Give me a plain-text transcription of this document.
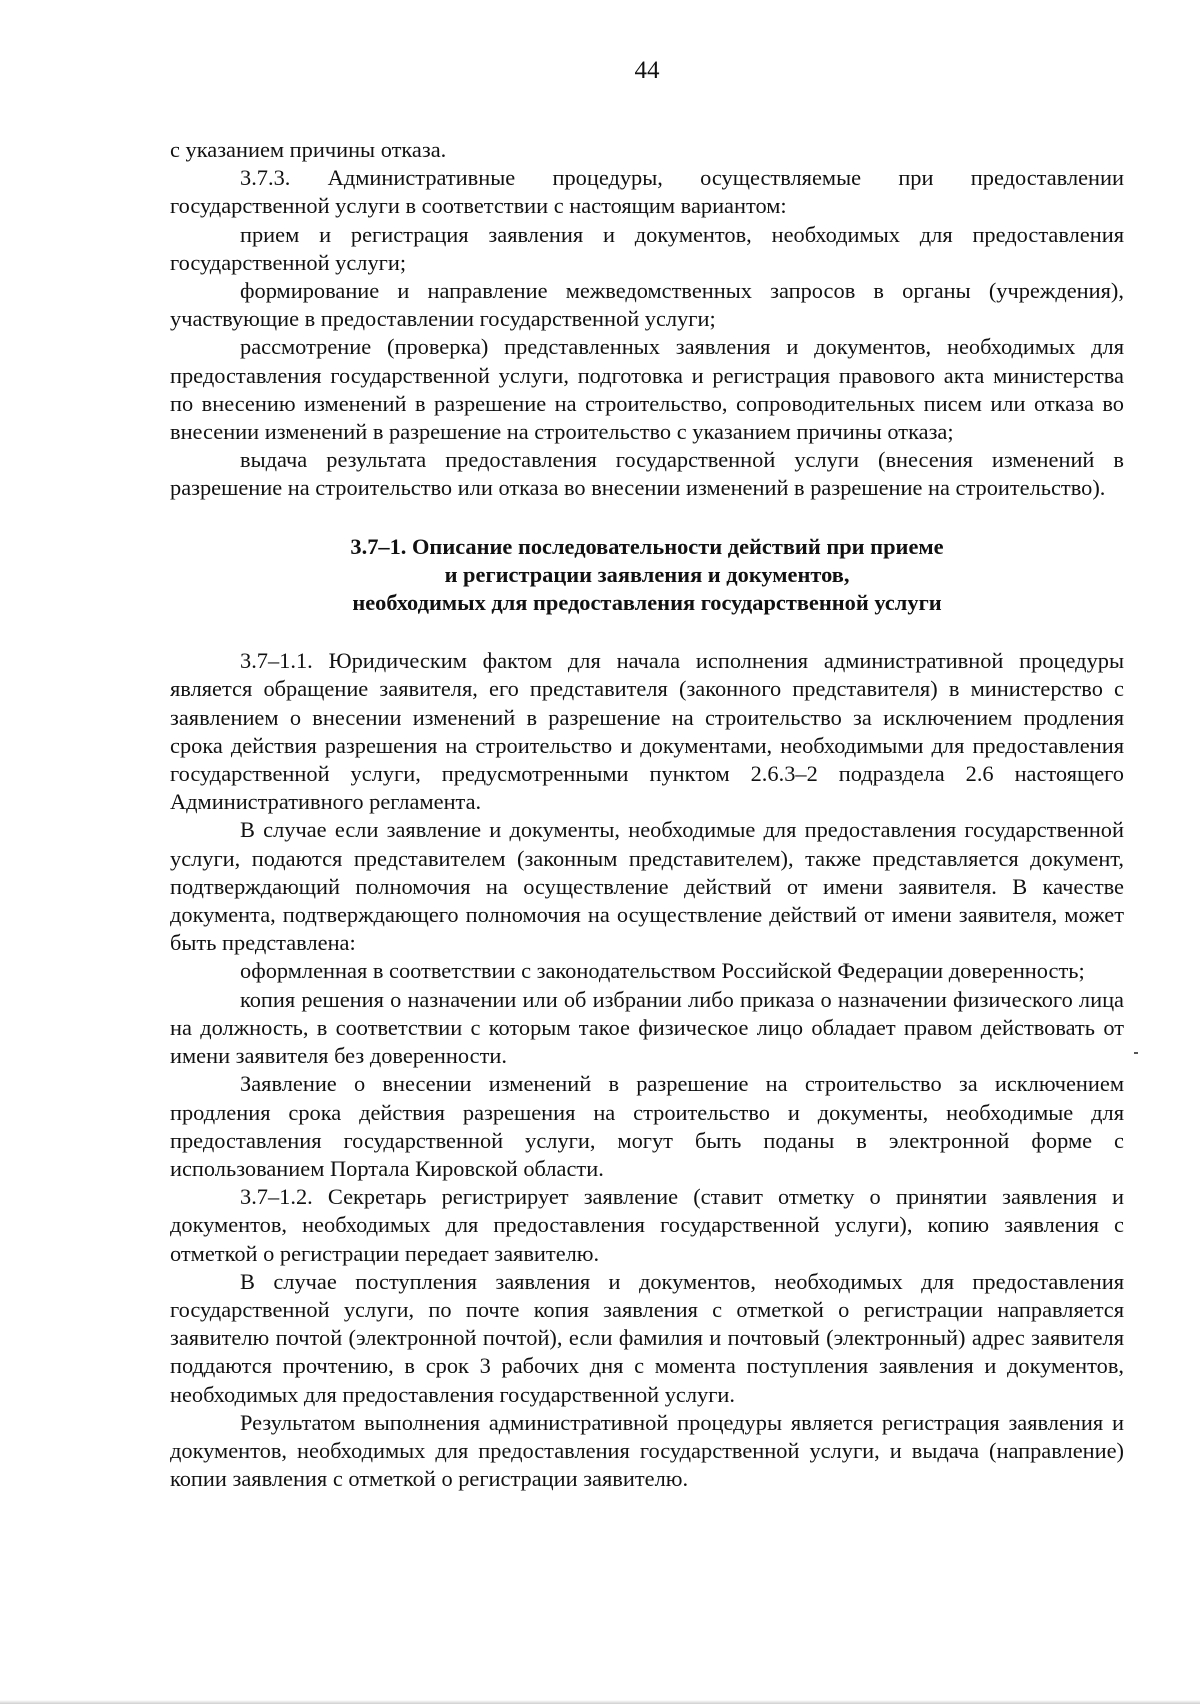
44

с указанием причины отказа.

3.7.3. Административные процедуры, осуществляемые при предоставлении государственной услуги в соответствии с настоящим вариантом:

прием и регистрация заявления и документов, необходимых для предоставления государственной услуги;

формирование и направление межведомственных запросов в органы (учреждения), участвующие в предоставлении государственной услуги;

рассмотрение (проверка) представленных заявления и документов, необходимых для предоставления государственной услуги, подготовка и регистрация правового акта министерства по внесению изменений в разрешение на строительство, сопроводительных писем или отказа во внесении изменений в разрешение на строительство с указанием причины отказа;

выдача результата предоставления государственной услуги (внесения изменений в разрешение на строительство или отказа во внесении изменений в разрешение на строительство).

3.7–1. Описание последовательности действий при приеме
и регистрации заявления и документов,
необходимых для предоставления государственной услуги

3.7–1.1. Юридическим фактом для начала исполнения административной процедуры является обращение заявителя, его представителя (законного представителя) в министерство с заявлением о внесении изменений в разрешение на строительство за исключением продления срока действия разрешения на строительство и документами, необходимыми для предоставления государственной услуги, предусмотренными пунктом 2.6.3–2 подраздела 2.6 настоящего Административного регламента.

В случае если заявление и документы, необходимые для предоставления государственной услуги, подаются представителем (законным представителем), также представляется документ, подтверждающий полномочия на осуществление действий от имени заявителя. В качестве документа, подтверждающего полномочия на осуществление действий от имени заявителя, может быть представлена:

оформленная в соответствии с законодательством Российской Федерации доверенность;

копия решения о назначении или об избрании либо приказа о назначении физического лица на должность, в соответствии с которым такое физическое лицо обладает правом действовать от имени заявителя без доверенности.

Заявление о внесении изменений в разрешение на строительство за исключением продления срока действия разрешения на строительство и документы, необходимые для предоставления государственной услуги, могут быть поданы в электронной форме с использованием Портала Кировской области.

3.7–1.2. Секретарь регистрирует заявление (ставит отметку о принятии заявления и документов, необходимых для предоставления государственной услуги), копию заявления с отметкой о регистрации передает заявителю.

В случае поступления заявления и документов, необходимых для предоставления государственной услуги, по почте копия заявления с отметкой о регистрации направляется заявителю почтой (электронной почтой), если фамилия и почтовый (электронный) адрес заявителя поддаются прочтению, в срок 3 рабочих дня с момента поступления заявления и документов, необходимых для предоставления государственной услуги.

Результатом выполнения административной процедуры является регистрация заявления и документов, необходимых для предоставления государственной услуги, и выдача (направление) копии заявления с отметкой о регистрации заявителю.
